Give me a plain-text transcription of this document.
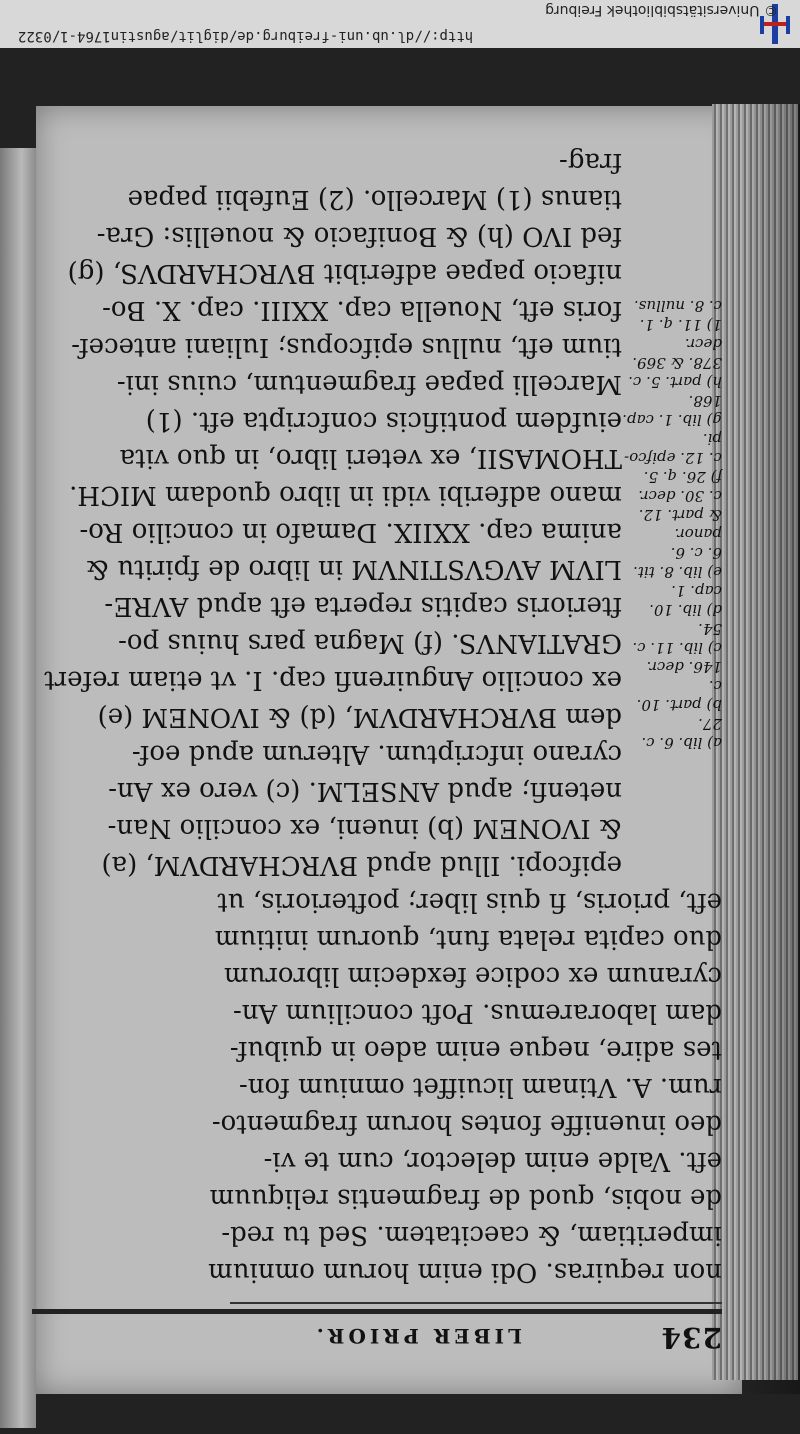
© Universitätsbibliothek Freiburg
http://dl.ub.uni-freiburg.de/diglit/agustin1764-1/0322
234
LIBER PRIOR.
non requiras. Odi enim horum omnium
imperitiam, & caecitatem. Sed tu red-
de nobis, quod de fragmentis reliquum
eft. Valde enim delector, cum te vi-
deo inueniffe fontes horum fragmento-
rum. A. Vtinam licuiffet omnium fon-
tes adire, neque enim adeo in quibuf-
dam laboraremus. Poft concilium An-
cyranum ex codice fexdecim librorum
duo capita relata funt, quorum initium
eft, prioris, fi quis liber; pofterioris, ut
epifcopi. Illud apud BVRCHARDVM, (a)
& IVONEM (b) inueni, ex concilio Nan-
netenfi; apud ANSELM. (c) vero ex An-
cyrano infcriptum. Alterum apud eof-
dem BVRCHARDVM, (d) & IVONEM (e)
ex concilio Anguirenfi cap. I. vt etiam refert
GRATIANVS. (f) Magna pars huius po-
fterioris capitis reperta eft apud AVRE-
LIVM AVGVSTINVM in libro de fpiritu &
anima cap. XXIIX. Damafo in concilio Ro-
mano adferibi vidi in libro quodam MICH.
THOMASII, ex veteri libro, in quo vita
eiufdem pontificis confcripta eft. (1)
Marcelli papae fragmentum, cuius ini-
tium eft, nullus epifcopus; Iuliani antecef-
foris eft, Nouella cap. XXIII. cap. X. Bo-
nifacio papae adferibit BVRCHARDVS, (g)
fed IVO (h) & Bonifacio & nouellis: Gra-
tianus (1) Marcello. (2) Eufebii papae
frag-
a) lib. 6. c.
27.
b) part. 10. c.
146. decr.
c) lib. 11. c.
54.
d) lib. 10.
cap. 1.
e) lib. 8. tit.
6. c. 6. panor.
& part. 12.
c. 30. decr.
f) 26. q. 5.
c. 12. epifco-
pi.
g) lib. 1. cap.
168.
h) part. 5. c.
378. & 369.
decr.
1) 11. q. 1.
c. 8. nullus.
